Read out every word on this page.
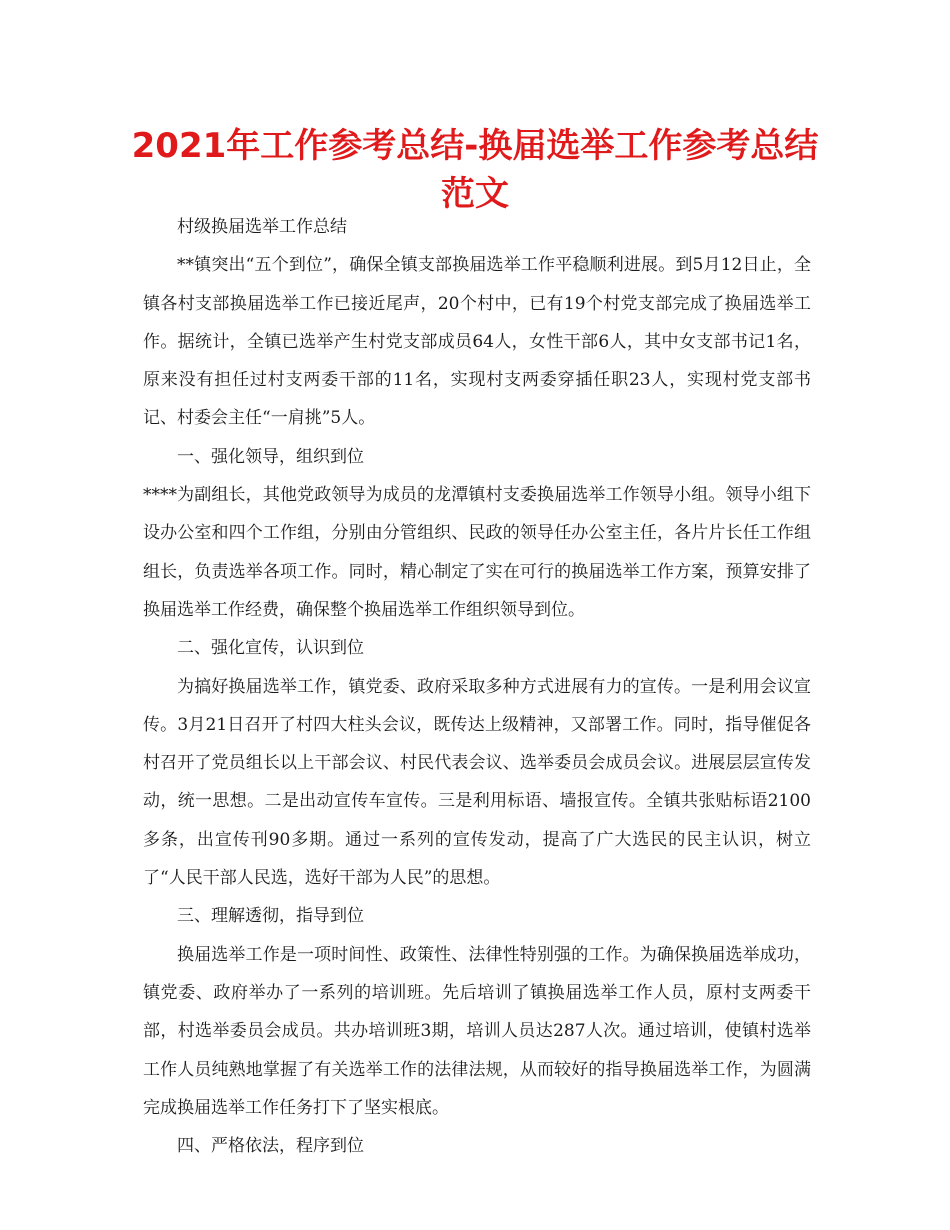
2021年工作参考总结-换届选举工作参考总结范文

村级换届选举工作总结

**镇突出“五个到位”，确保全镇支部换届选举工作平稳顺利进展。到5月12日止，全镇各村支部换届选举工作已接近尾声，20个村中，已有19个村党支部完成了换届选举工作。据统计，全镇已选举产生村党支部成员64人，女性干部6人，其中女支部书记1名，原来没有担任过村支两委干部的11名，实现村支两委穿插任职23人，实现村党支部书记、村委会主任“一肩挑”5人。

一、强化领导，组织到位

****为副组长，其他党政领导为成员的龙潭镇村支委换届选举工作领导小组。领导小组下设办公室和四个工作组，分别由分管组织、民政的领导任办公室主任，各片片长任工作组组长，负责选举各项工作。同时，精心制定了实在可行的换届选举工作方案，预算安排了换届选举工作经费，确保整个换届选举工作组织领导到位。

二、强化宣传，认识到位

为搞好换届选举工作，镇党委、政府采取多种方式进展有力的宣传。一是利用会议宣传。3月21日召开了村四大柱头会议，既传达上级精神，又部署工作。同时，指导催促各村召开了党员组长以上干部会议、村民代表会议、选举委员会成员会议。进展层层宣传发动，统一思想。二是出动宣传车宣传。三是利用标语、墙报宣传。全镇共张贴标语2100多条，出宣传刊90多期。通过一系列的宣传发动，提高了广大选民的民主认识，树立了“人民干部人民选，选好干部为人民”的思想。

三、理解透彻，指导到位

换届选举工作是一项时间性、政策性、法律性特别强的工作。为确保换届选举成功，镇党委、政府举办了一系列的培训班。先后培训了镇换届选举工作人员，原村支两委干部，村选举委员会成员。共办培训班3期，培训人员达287人次。通过培训，使镇村选举工作人员纯熟地掌握了有关选举工作的法律法规，从而较好的指导换届选举工作，为圆满完成换届选举工作任务打下了坚实根底。

四、严格依法，程序到位
